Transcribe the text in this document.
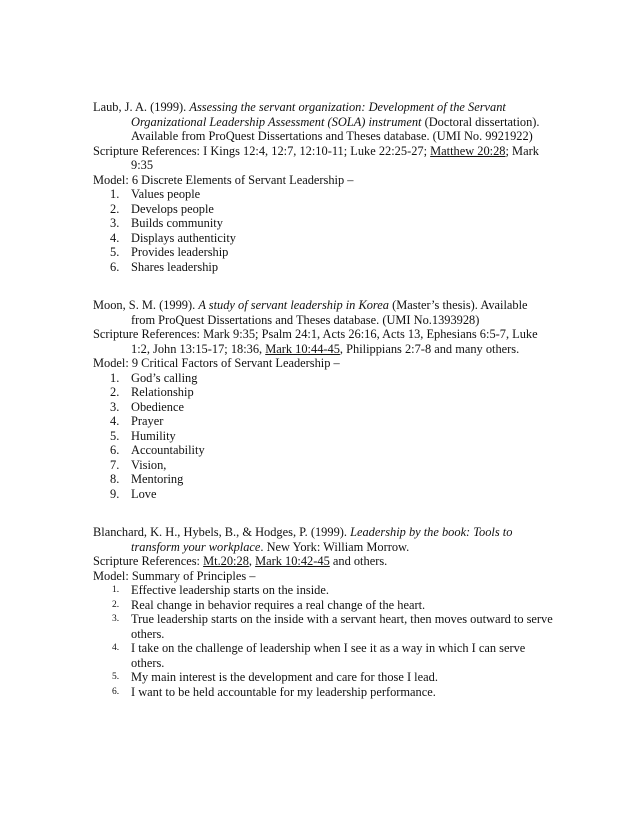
Laub, J. A. (1999). Assessing the servant organization: Development of the Servant Organizational Leadership Assessment (SOLA) instrument (Doctoral dissertation). Available from ProQuest Dissertations and Theses database. (UMI No. 9921922)

Scripture References: I Kings 12:4, 12:7, 12:10-11; Luke 22:25-27; Matthew 20:28; Mark 9:35

Model: 6 Discrete Elements of Servant Leadership –

1. Values people
2. Develops people
3. Builds community
4. Displays authenticity
5. Provides leadership
6. Shares leadership

Moon, S. M. (1999). A study of servant leadership in Korea (Master’s thesis). Available from ProQuest Dissertations and Theses database. (UMI No.1393928)

Scripture References: Mark 9:35; Psalm 24:1, Acts 26:16, Acts 13, Ephesians 6:5-7, Luke 1:2, John 13:15-17; 18:36, Mark 10:44-45, Philippians 2:7-8 and many others.

Model: 9 Critical Factors of Servant Leadership –

1. God’s calling
2. Relationship
3. Obedience
4. Prayer
5. Humility
6. Accountability
7. Vision,
8. Mentoring
9. Love

Blanchard, K. H., Hybels, B., & Hodges, P. (1999). Leadership by the book: Tools to transform your workplace. New York: William Morrow.

Scripture References: Mt.20:28, Mark 10:42-45 and others.

Model: Summary of Principles –

1. Effective leadership starts on the inside.
2. Real change in behavior requires a real change of the heart.
3. True leadership starts on the inside with a servant heart, then moves outward to serve others.
4. I take on the challenge of leadership when I see it as a way in which I can serve others.
5. My main interest is the development and care for those I lead.
6. I want to be held accountable for my leadership performance.
